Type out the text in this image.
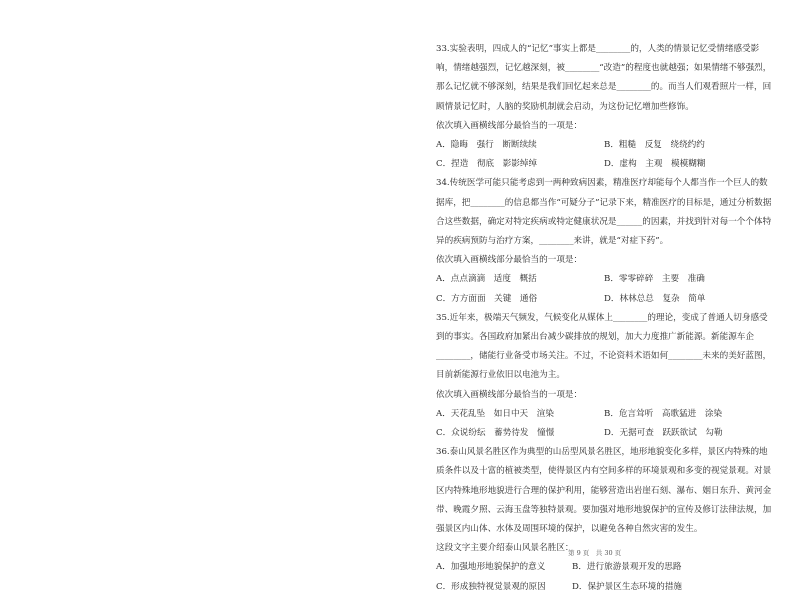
33.实验表明，四成人的“记忆”事实上都是________的，人类的情景记忆受情绪感受影响，情绪越强烈，记忆越深刻，被________“改造”的程度也就越强；如果情绪不够强烈，那么记忆就不够深刻，结果是我们回忆起来总是________的。而当人们观看照片一样，回顾情景记忆时，人脑的奖励机制就会启动，为这份记忆增加些修饰。

依次填入画横线部分最恰当的一项是：

A．隐晦　强行　断断续续	B．粗糙　反复　绕绕约约
C．捏造　彻底　影影绰绰	D．虚构　主观　模模糊糊

34.传统医学可能只能考虑到一两种致病因素，精准医疗却能每个人都当作一个巨人的数据库，把________的信息都当作“可疑分子”记录下来，精准医疗的目标是，通过分析数据合这些数据，确定对特定疾病或特定健康状况是______的因素，并找到针对每一个个体特异的疾病预防与治疗方案，________来讲，就是“对症下药”。

依次填入画横线部分最恰当的一项是：

A．点点滴滴　适度　概括	B．零零碎碎　主要　准确
C．方方面面　关键　通俗	D．林林总总　复杂　简单

35.近年来，极端天气频发，气候变化从媒体上________的理论，变成了普通人切身感受到的事实。各国政府加紧出台减少碳排放的规划，加大力度推广新能源。新能源车企________，储能行业备受市场关注。不过，不论资料术语如何________未来的美好蓝图，目前新能源行业依旧以电池为主。

依次填入画横线部分最恰当的一项是：

A．天花乱坠　如日中天　渲染	B．危言耸听　高歌猛进　涂染
C．众说纷纭　蓄势待发　憧憬	D．无据可查　跃跃欲试　勾勒

36.泰山风景名胜区作为典型的山岳型风景名胜区，地形地貌变化多样，景区内特殊的地质条件以及十富的植被类型，使得景区内有空间多样的环境景观和多变的视觉景观。对景区内特殊地形地貌进行合理的保护利用，能够营造出岩崖石刻、瀑布、姻日东升、黄河金带、晚霞夕照、云海玉盘等独特景观。要加强对地形地貌保护的宣传及修订法律法规，加强景区内山体、水体及周围环境的保护，以避免各种自然灾害的发生。

这段文字主要介绍泰山风景名胜区：

A．加强地形地貌保护的意义	B．进行旅游景观开发的思路
C．形成独特视觉景观的原因	D．保护景区生态环境的措施
第 9 页　共 30 页
